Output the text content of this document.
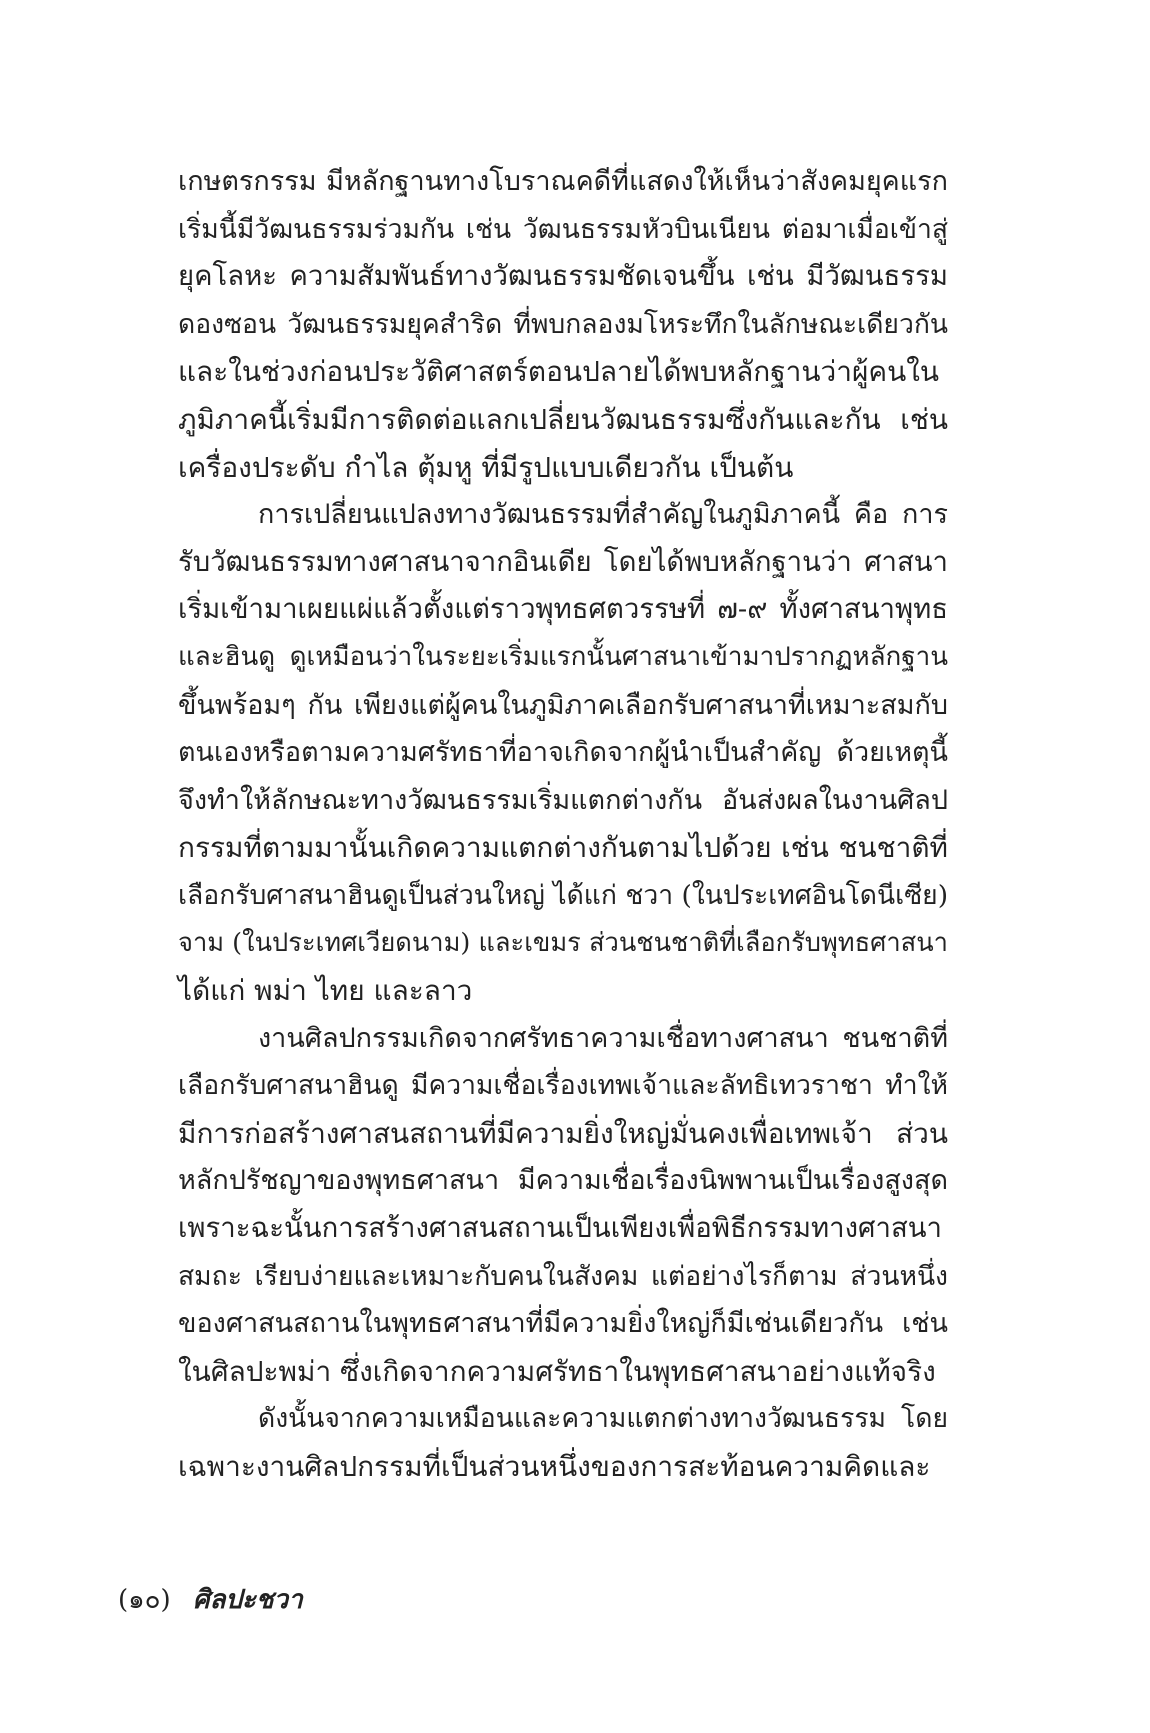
เกษตรกรรม มีหลักฐานทางโบราณคดีที่แสดงให้เห็นว่าสังคมยุคแรก
เริ่มนี้มีวัฒนธรรมร่วมกัน เช่น วัฒนธรรมหัวบินเนียน ต่อมาเมื่อเข้าสู่
ยุคโลหะ ความสัมพันธ์ทางวัฒนธรรมชัดเจนขึ้น เช่น มีวัฒนธรรม
ดองซอน วัฒนธรรมยุคสำริด ที่พบกลองมโหระทึกในลักษณะเดียวกัน
และในช่วงก่อนประวัติศาสตร์ตอนปลายได้พบหลักฐานว่าผู้คนใน
ภูมิภาคนี้เริ่มมีการติดต่อแลกเปลี่ยนวัฒนธรรมซึ่งกันและกัน เช่น
เครื่องประดับ กำไล ตุ้มหู ที่มีรูปแบบเดียวกัน เป็นต้น
การเปลี่ยนแปลงทางวัฒนธรรมที่สำคัญในภูมิภาคนี้ คือ การ
รับวัฒนธรรมทางศาสนาจากอินเดีย โดยได้พบหลักฐานว่า ศาสนา
เริ่มเข้ามาเผยแผ่แล้วตั้งแต่ราวพุทธศตวรรษที่ ๗-๙ ทั้งศาสนาพุทธ
และฮินดู ดูเหมือนว่าในระยะเริ่มแรกนั้นศาสนาเข้ามาปรากฏหลักฐาน
ขึ้นพร้อมๆ กัน เพียงแต่ผู้คนในภูมิภาคเลือกรับศาสนาที่เหมาะสมกับ
ตนเองหรือตามความศรัทธาที่อาจเกิดจากผู้นำเป็นสำคัญ ด้วยเหตุนี้
จึงทำให้ลักษณะทางวัฒนธรรมเริ่มแตกต่างกัน อันส่งผลในงานศิลป
กรรมที่ตามมานั้นเกิดความแตกต่างกันตามไปด้วย เช่น ชนชาติที่
เลือกรับศาสนาฮินดูเป็นส่วนใหญ่ ได้แก่ ชวา (ในประเทศอินโดนีเซีย)
จาม (ในประเทศเวียดนาม) และเขมร ส่วนชนชาติที่เลือกรับพุทธศาสนา
ได้แก่ พม่า ไทย และลาว
งานศิลปกรรมเกิดจากศรัทธาความเชื่อทางศาสนา ชนชาติที่
เลือกรับศาสนาฮินดู มีความเชื่อเรื่องเทพเจ้าและลัทธิเทวราชา ทำให้
มีการก่อสร้างศาสนสถานที่มีความยิ่งใหญ่มั่นคงเพื่อเทพเจ้า ส่วน
หลักปรัชญาของพุทธศาสนา มีความเชื่อเรื่องนิพพานเป็นเรื่องสูงสุด
เพราะฉะนั้นการสร้างศาสนสถานเป็นเพียงเพื่อพิธีกรรมทางศาสนา
สมถะ เรียบง่ายและเหมาะกับคนในสังคม แต่อย่างไรก็ตาม ส่วนหนึ่ง
ของศาสนสถานในพุทธศาสนาที่มีความยิ่งใหญ่ก็มีเช่นเดียวกัน เช่น
ในศิลปะพม่า ซึ่งเกิดจากความศรัทธาในพุทธศาสนาอย่างแท้จริง
ดังนั้นจากความเหมือนและความแตกต่างทางวัฒนธรรม โดย
เฉพาะงานศิลปกรรมที่เป็นส่วนหนึ่งของการสะท้อนความคิดและ
(๑๐) ศิลปะชวา
